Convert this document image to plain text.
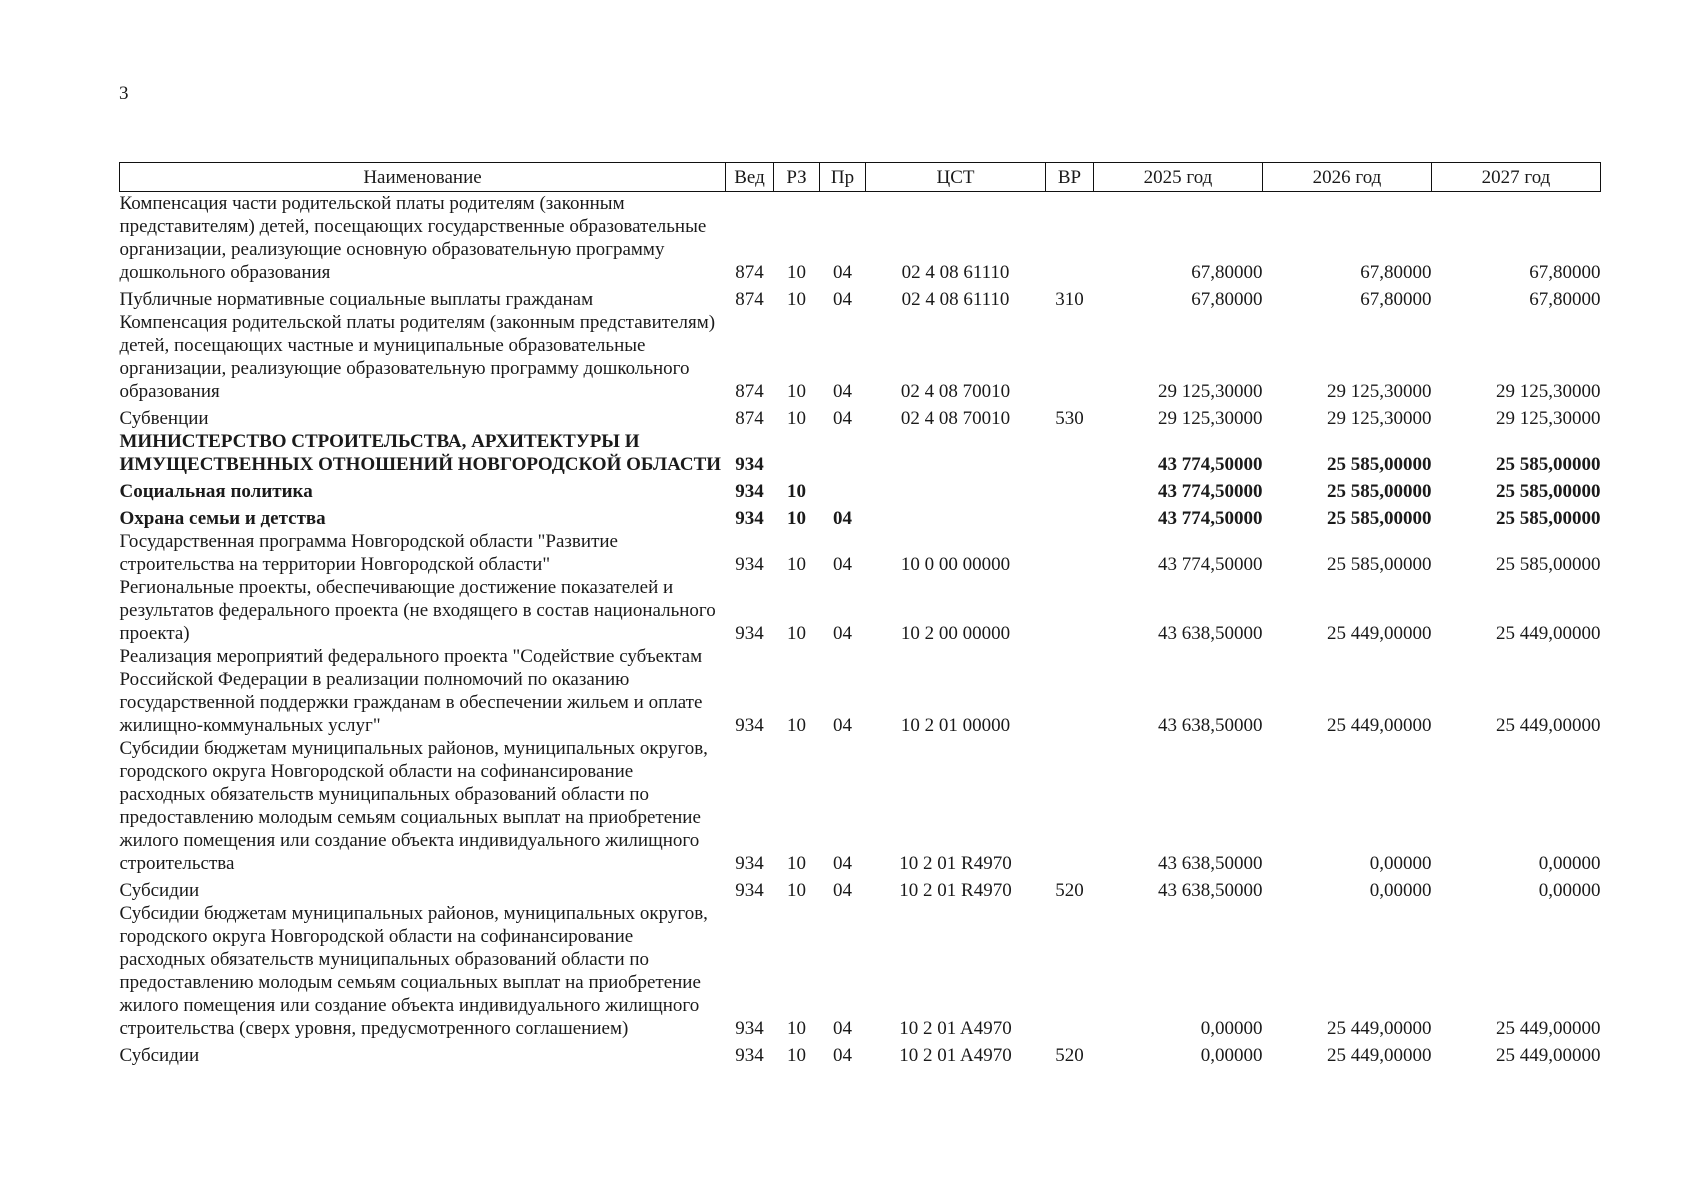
3
Наименование	Вед	РЗ	Пр	ЦСТ	ВР	2025 год	2026 год	2027 год
Компенсация части родительской платы родителям (законным представителям) детей, посещающих государственные образовательные организации, реализующие основную образовательную программу дошкольного образования	874	10	04	02 4 08 61110		67,80000	67,80000	67,80000
Публичные нормативные социальные выплаты гражданам	874	10	04	02 4 08 61110	310	67,80000	67,80000	67,80000
Компенсация родительской платы родителям (законным представителям) детей, посещающих частные и муниципальные образовательные организации, реализующие образовательную программу дошкольного образования	874	10	04	02 4 08 70010		29 125,30000	29 125,30000	29 125,30000
Субвенции	874	10	04	02 4 08 70010	530	29 125,30000	29 125,30000	29 125,30000
МИНИСТЕРСТВО СТРОИТЕЛЬСТВА, АРХИТЕКТУРЫ И ИМУЩЕСТВЕННЫХ ОТНОШЕНИЙ НОВГОРОДСКОЙ ОБЛАСТИ	934					43 774,50000	25 585,00000	25 585,00000
Социальная политика	934	10				43 774,50000	25 585,00000	25 585,00000
Охрана семьи и детства	934	10	04			43 774,50000	25 585,00000	25 585,00000
Государственная программа Новгородской области "Развитие строительства на территории Новгородской области"	934	10	04	10 0 00 00000		43 774,50000	25 585,00000	25 585,00000
Региональные проекты, обеспечивающие достижение показателей и результатов федерального проекта (не входящего в состав национального проекта)	934	10	04	10 2 00 00000		43 638,50000	25 449,00000	25 449,00000
Реализация мероприятий федерального проекта "Содействие субъектам Российской Федерации в реализации полномочий по оказанию государственной поддержки гражданам в обеспечении жильем и оплате жилищно-коммунальных услуг"	934	10	04	10 2 01 00000		43 638,50000	25 449,00000	25 449,00000
Субсидии бюджетам муниципальных районов, муниципальных округов, городского округа Новгородской области на софинансирование расходных обязательств муниципальных образований области по предоставлению молодым семьям социальных выплат на приобретение жилого помещения или создание объекта индивидуального жилищного строительства	934	10	04	10 2 01 R4970		43 638,50000	0,00000	0,00000
Субсидии	934	10	04	10 2 01 R4970	520	43 638,50000	0,00000	0,00000
Субсидии бюджетам муниципальных районов, муниципальных округов, городского округа Новгородской области на софинансирование расходных обязательств муниципальных образований области по предоставлению молодым семьям социальных выплат на приобретение жилого помещения или создание объекта индивидуального жилищного строительства (сверх уровня, предусмотренного соглашением)	934	10	04	10 2 01 A4970		0,00000	25 449,00000	25 449,00000
Субсидии	934	10	04	10 2 01 A4970	520	0,00000	25 449,00000	25 449,00000
